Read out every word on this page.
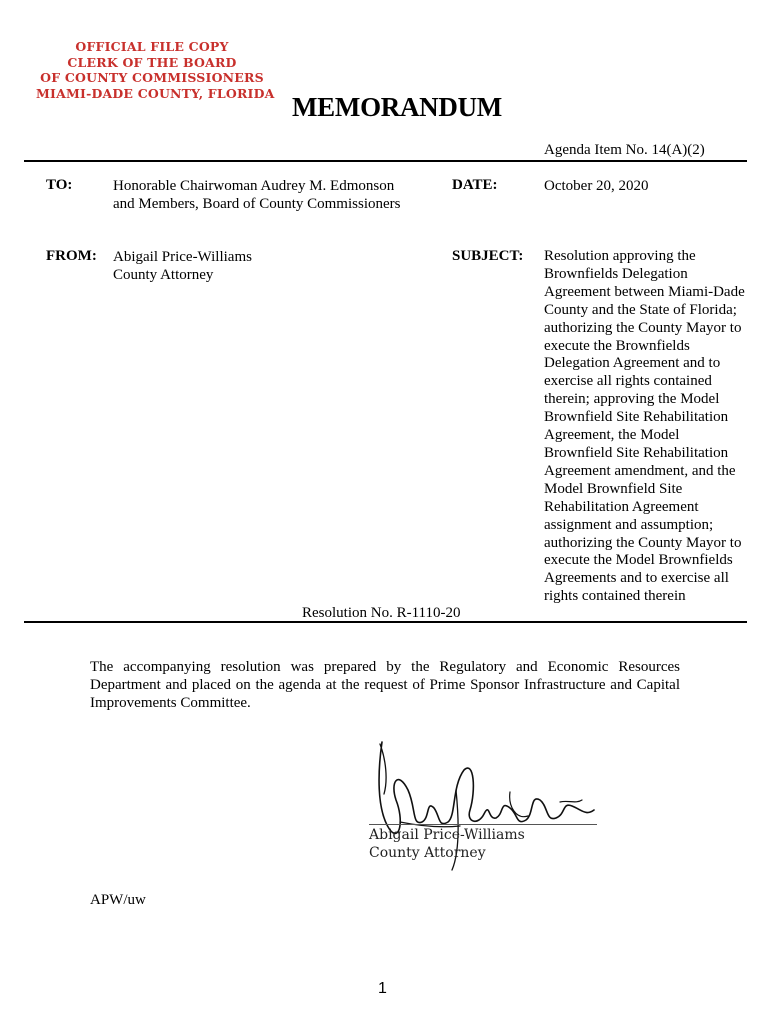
OFFICIAL FILE COPY
CLERK OF THE BOARD
OF COUNTY COMMISSIONERS
MIAMI-DADE COUNTY, FLORIDA MEMORANDUM
Agenda Item No. 14(A)(2)
TO:	Honorable Chairwoman Audrey M. Edmonson
and Members, Board of County Commissioners
DATE:	October 20, 2020
FROM: Abigail Price-Williams
County Attorney
SUBJECT: Resolution approving the Brownfields Delegation Agreement between Miami-Dade County and the State of Florida; authorizing the County Mayor to execute the Brownfields Delegation Agreement and to exercise all rights contained therein; approving the Model Brownfield Site Rehabilitation Agreement, the Model Brownfield Site Rehabilitation Agreement amendment, and the Model Brownfield Site Rehabilitation Agreement assignment and assumption; authorizing the County Mayor to execute the Model Brownfields Agreements and to exercise all rights contained therein
Resolution No. R-1110-20
The accompanying resolution was prepared by the Regulatory and Economic Resources Department and placed on the agenda at the request of Prime Sponsor Infrastructure and Capital Improvements Committee.
Abigail Price-Williams
County Attorney
APW/uw
1
